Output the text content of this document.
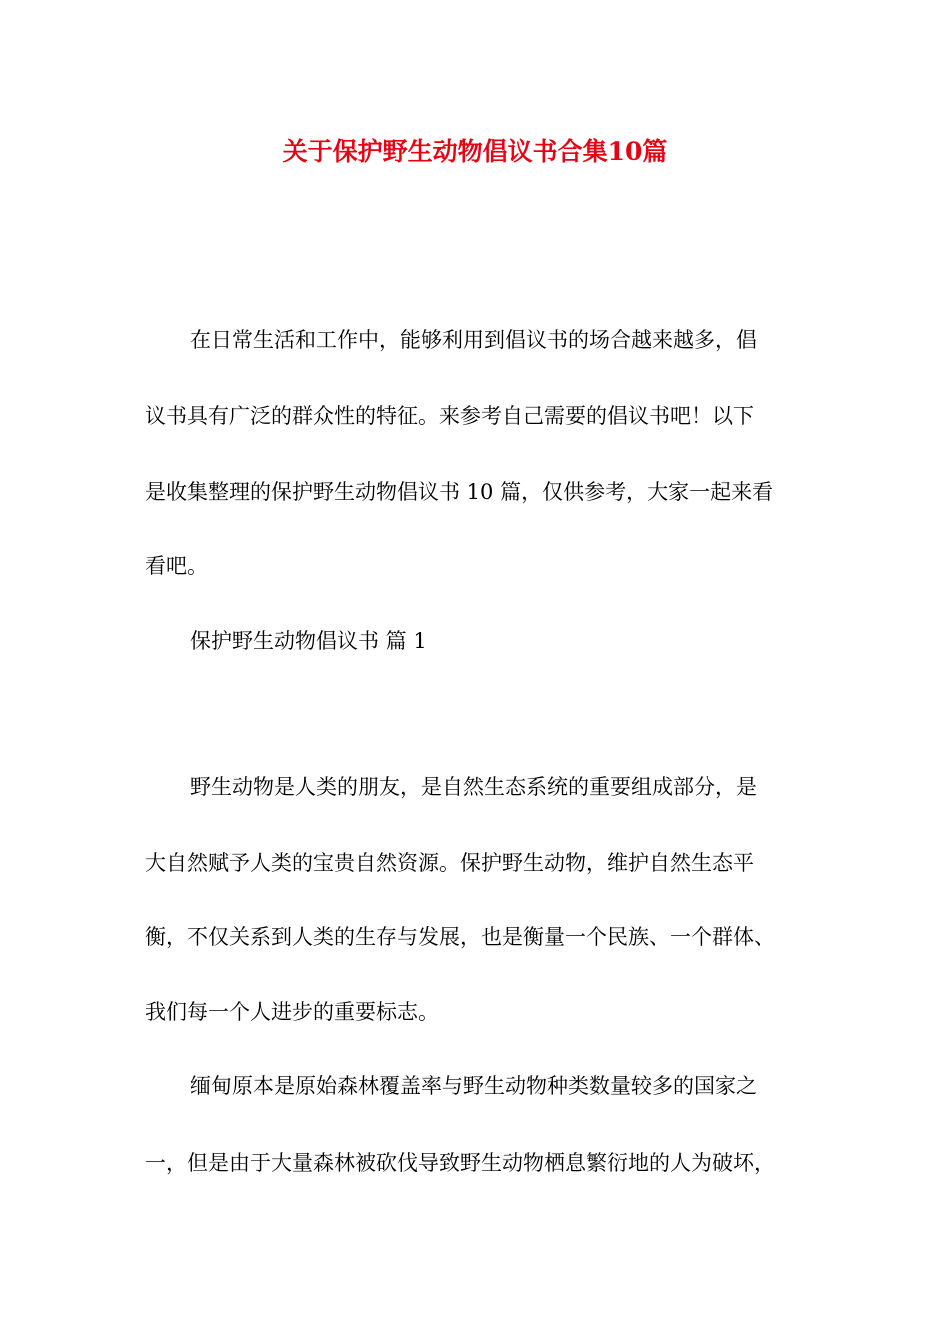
关于保护野生动物倡议书合集10篇

在日常生活和工作中，能够利用到倡议书的场合越来越多，倡

议书具有广泛的群众性的特征。来参考自己需要的倡议书吧！以下

是收集整理的保护野生动物倡议书 10 篇，仅供参考，大家一起来看

看吧。

保护野生动物倡议书 篇 1

野生动物是人类的朋友，是自然生态系统的重要组成部分，是

大自然赋予人类的宝贵自然资源。保护野生动物，维护自然生态平

衡，不仅关系到人类的生存与发展，也是衡量一个民族、一个群体、

我们每一个人进步的重要标志。

缅甸原本是原始森林覆盖率与野生动物种类数量较多的国家之

一，但是由于大量森林被砍伐导致野生动物栖息繁衍地的人为破坏，
